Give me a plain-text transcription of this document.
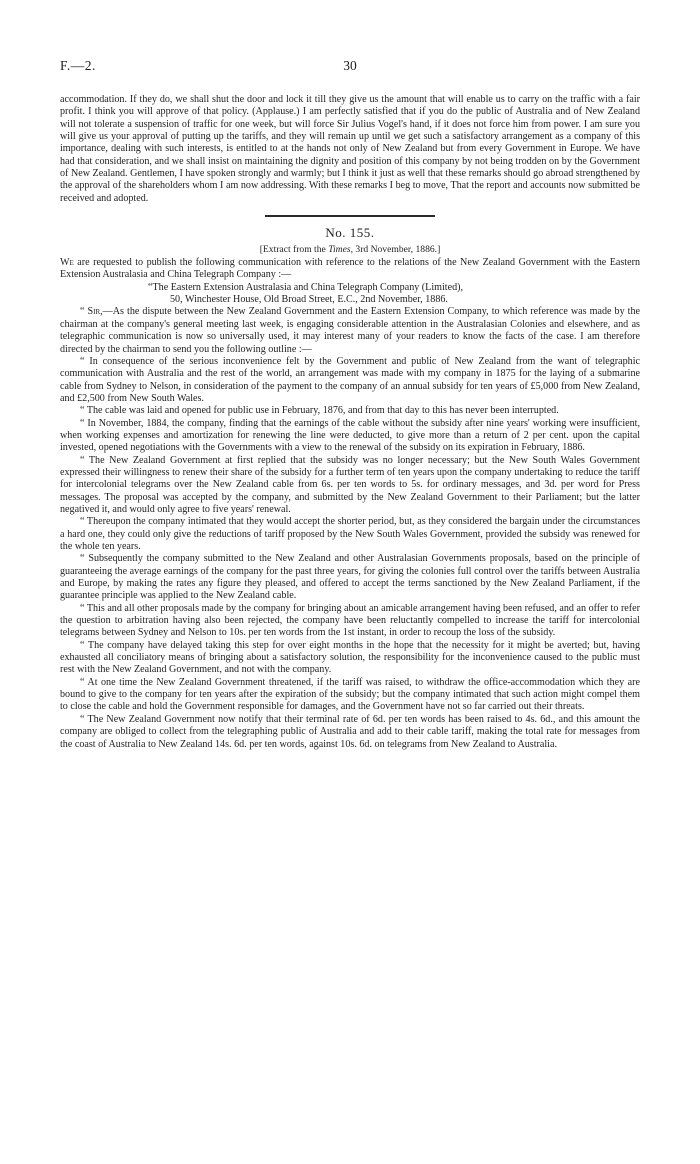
F.—2.	30

accommodation. If they do, we shall shut the door and lock it till they give us the amount that will enable us to carry on the traffic with a fair profit. I think you will approve of that policy. (Applause.) I am perfectly satisfied that if you do the public of Australia and of New Zealand will not tolerate a suspension of traffic for one week, but will force Sir Julius Vogel's hand, if it does not force him from power. I am sure you will give us your approval of putting up the tariffs, and they will remain up until we get such a satisfactory arrangement as a company of this importance, dealing with such interests, is entitled to at the hands not only of New Zealand but from every Government in Europe. We have had that consideration, and we shall insist on maintaining the dignity and position of this company by not being trodden on by the Government of New Zealand. Gentlemen, I have spoken strongly and warmly; but I think it just as well that these remarks should go abroad strengthened by the approval of the shareholders whom I am now addressing. With these remarks I beg to move, That the report and accounts now submitted be received and adopted.

No. 155.
[Extract from the Times, 3rd November, 1886.]

We are requested to publish the following communication with reference to the relations of the New Zealand Government with the Eastern Extension Australasia and China Telegraph Company :—

“The Eastern Extension Australasia and China Telegraph Company (Limited),
50, Winchester House, Old Broad Street, E.C., 2nd November, 1886.

“ Sir,—As the dispute between the New Zealand Government and the Eastern Extension Company, to which reference was made by the chairman at the company's general meeting last week, is engaging considerable attention in the Australasian Colonies and elsewhere, and as telegraphic communication is now so universally used, it may interest many of your readers to know the facts of the case. I am therefore directed by the chairman to send you the following outline :—

“ In consequence of the serious inconvenience felt by the Government and public of New Zealand from the want of telegraphic communication with Australia and the rest of the world, an arrangement was made with my company in 1875 for the laying of a submarine cable from Sydney to Nelson, in consideration of the payment to the company of an annual subsidy for ten years of £5,000 from New Zealand, and £2,500 from New South Wales.

“ The cable was laid and opened for public use in February, 1876, and from that day to this has never been interrupted.

“ In November, 1884, the company, finding that the earnings of the cable without the subsidy after nine years' working were insufficient, when working expenses and amortization for renewing the line were deducted, to give more than a return of 2 per cent. upon the capital invested, opened negotiations with the Governments with a view to the renewal of the subsidy on its expiration in February, 1886.

“ The New Zealand Government at first replied that the subsidy was no longer necessary; but the New South Wales Government expressed their willingness to renew their share of the subsidy for a further term of ten years upon the company undertaking to reduce the tariff for intercolonial telegrams over the New Zealand cable from 6s. per ten words to 5s. for ordinary messages, and 3d. per word for Press messages. The proposal was accepted by the company, and submitted by the New Zealand Government to their Parliament; but the latter negatived it, and would only agree to five years' renewal.

“ Thereupon the company intimated that they would accept the shorter period, but, as they considered the bargain under the circumstances a hard one, they could only give the reductions of tariff proposed by the New South Wales Government, provided the subsidy was renewed for the whole ten years.

“ Subsequently the company submitted to the New Zealand and other Australasian Governments proposals, based on the principle of guaranteeing the average earnings of the company for the past three years, for giving the colonies full control over the tariffs between Australia and Europe, by making the rates any figure they pleased, and offered to accept the terms sanctioned by the New Zealand Parliament, if the guarantee principle was applied to the New Zealand cable.

“ This and all other proposals made by the company for bringing about an amicable arrangement having been refused, and an offer to refer the question to arbitration having also been rejected, the company have been reluctantly compelled to increase the tariff for intercolonial telegrams between Sydney and Nelson to 10s. per ten words from the 1st instant, in order to recoup the loss of the subsidy.

“ The company have delayed taking this step for over eight months in the hope that the necessity for it might be averted; but, having exhausted all conciliatory means of bringing about a satisfactory solution, the responsibility for the inconvenience caused to the public must rest with the New Zealand Government, and not with the company.

“ At one time the New Zealand Government threatened, if the tariff was raised, to withdraw the office-accommodation which they are bound to give to the company for ten years after the expiration of the subsidy; but the company intimated that such action might compel them to close the cable and hold the Government responsible for damages, and the Government have not so far carried out their threats.

“ The New Zealand Government now notify that their terminal rate of 6d. per ten words has been raised to 4s. 6d., and this amount the company are obliged to collect from the telegraphing public of Australia and add to their cable tariff, making the total rate for messages from the coast of Australia to New Zealand 14s. 6d. per ten words, against 10s. 6d. on telegrams from New Zealand to Australia.
